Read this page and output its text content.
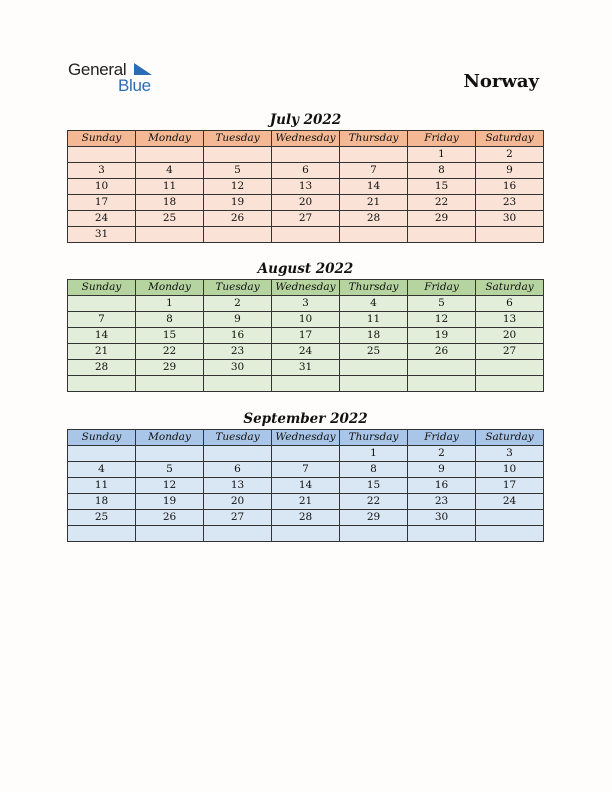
General
Blue	Norway
July 2022
Sunday	Monday	Tuesday	Wednesday	Thursday	Friday	Saturday
					1	2
3	4	5	6	7	8	9
10	11	12	13	14	15	16
17	18	19	20	21	22	23
24	25	26	27	28	29	30
31						
August 2022
Sunday	Monday	Tuesday	Wednesday	Thursday	Friday	Saturday
	1	2	3	4	5	6
7	8	9	10	11	12	13
14	15	16	17	18	19	20
21	22	23	24	25	26	27
28	29	30	31			

September 2022
Sunday	Monday	Tuesday	Wednesday	Thursday	Friday	Saturday
				1	2	3
4	5	6	7	8	9	10
11	12	13	14	15	16	17
18	19	20	21	22	23	24
25	26	27	28	29	30	
